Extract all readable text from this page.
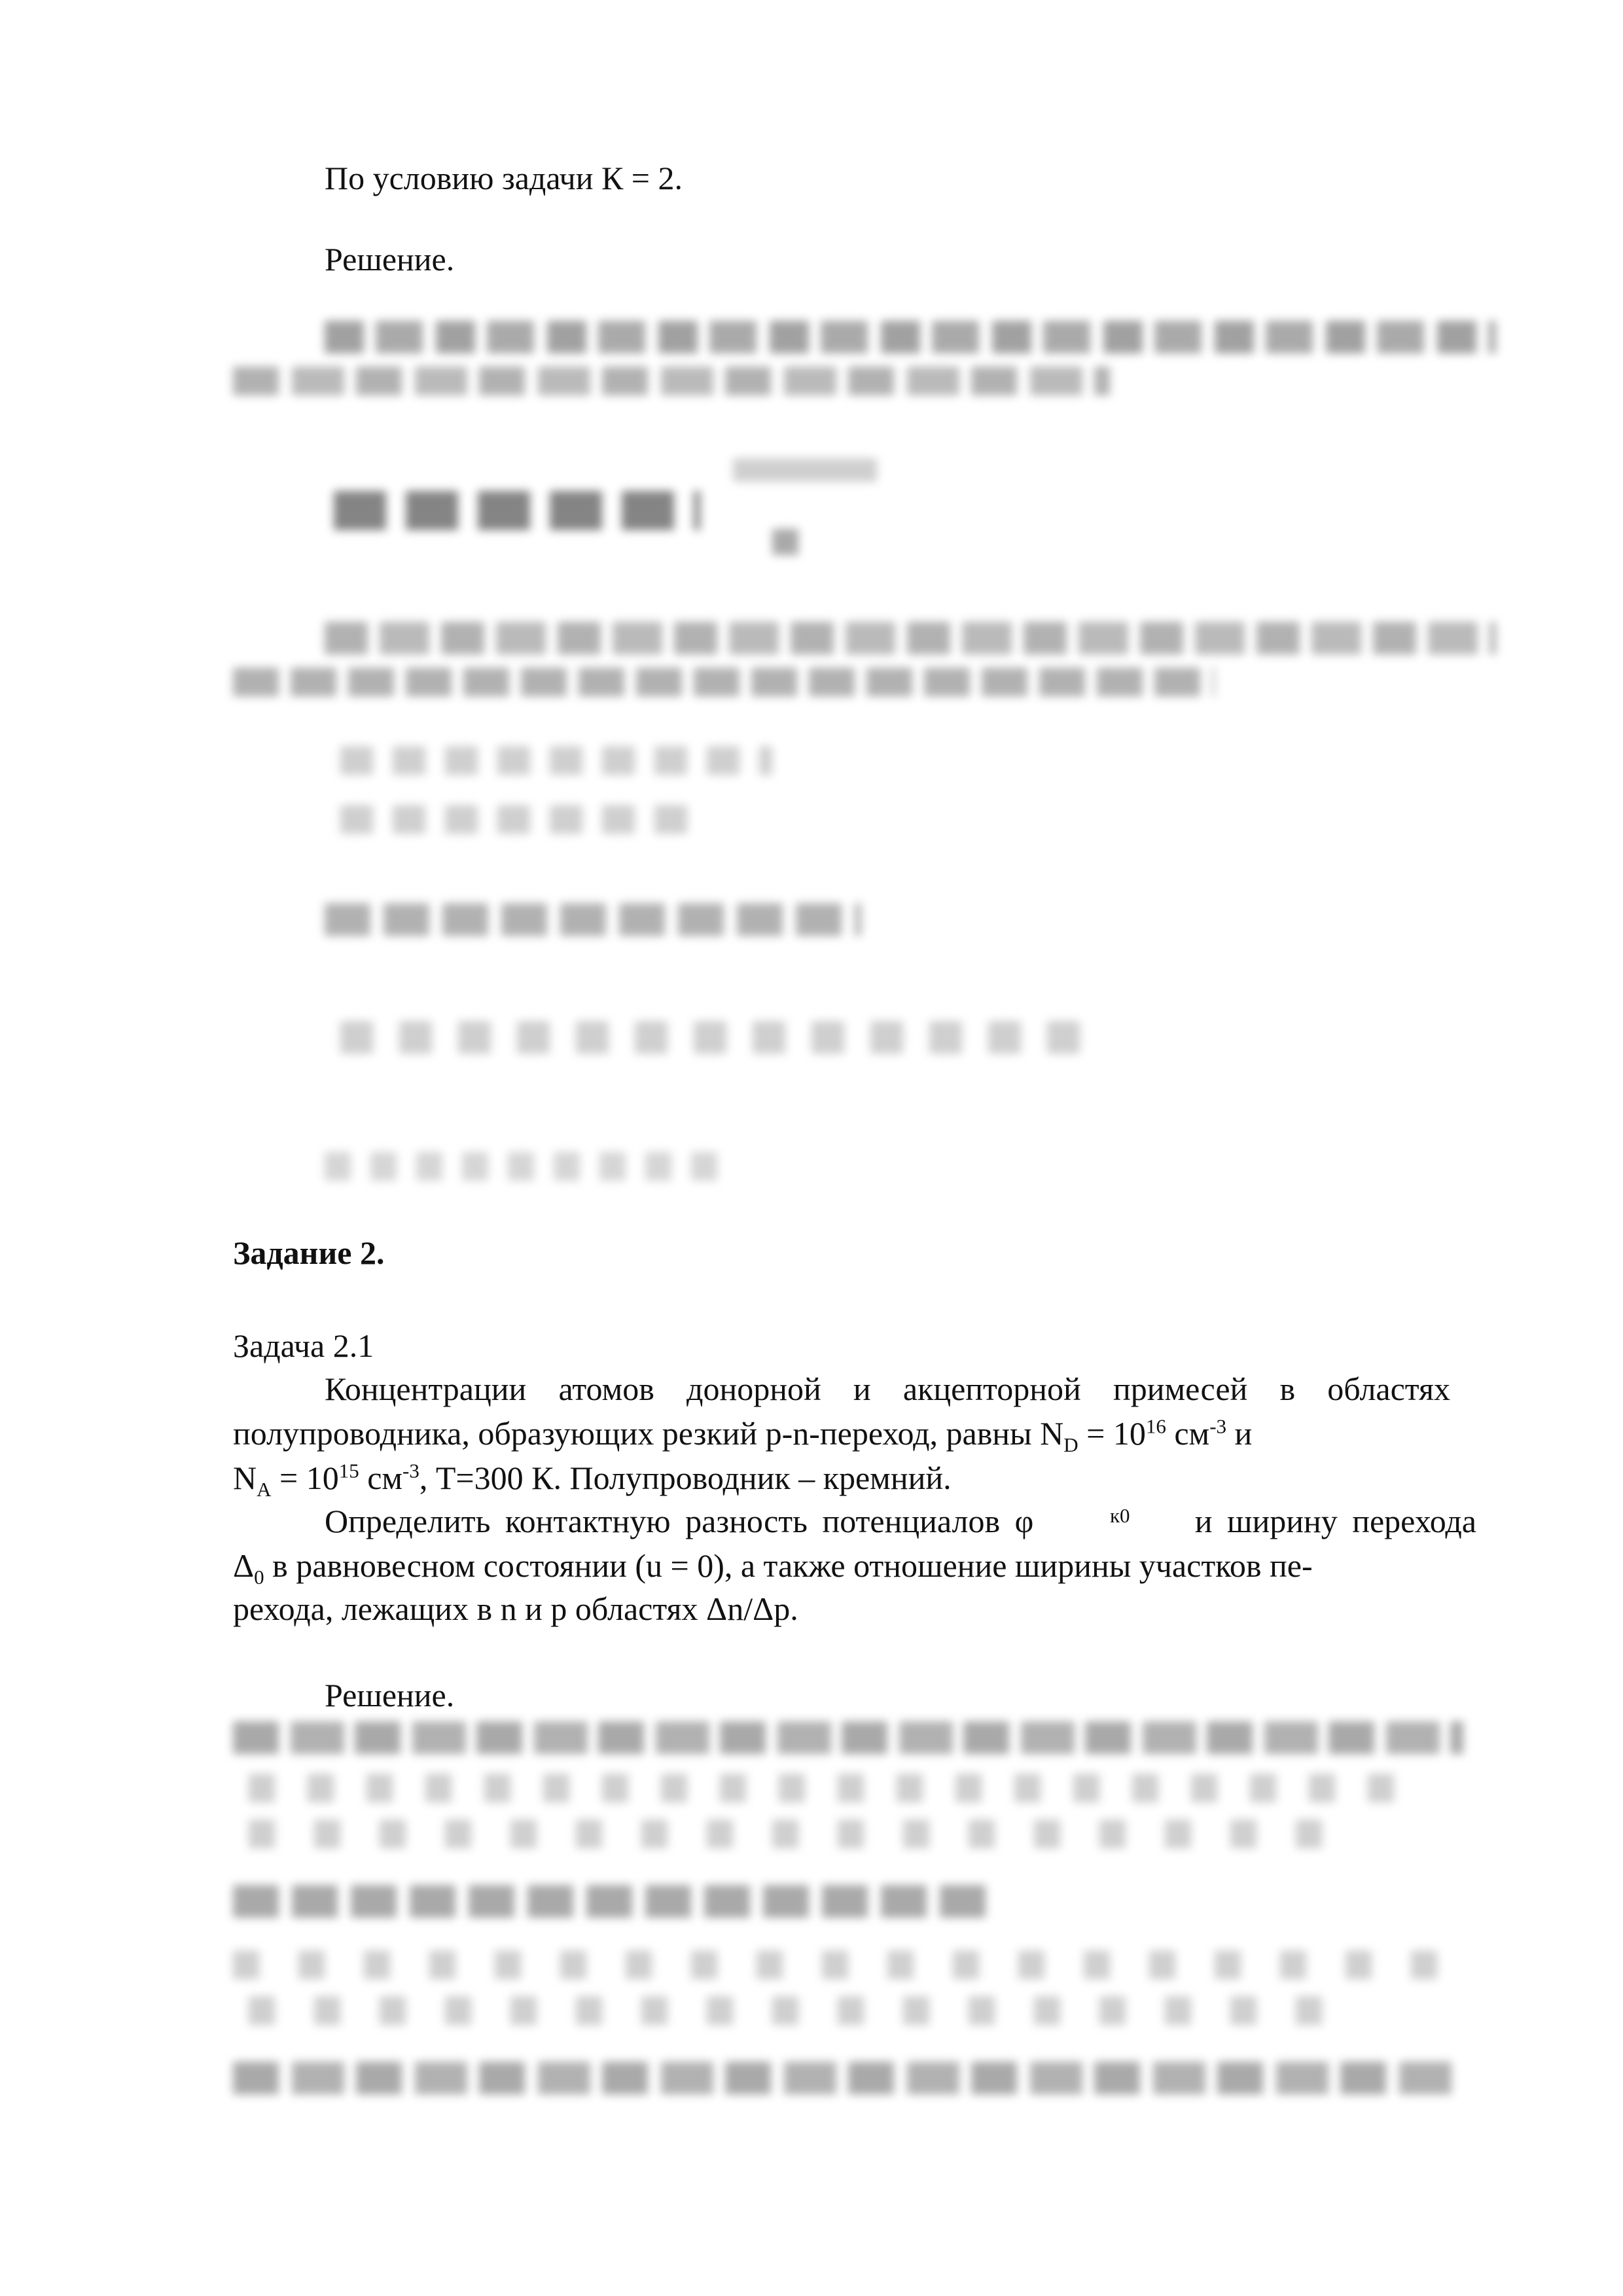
По условию задачи К = 2.
Решение.
Задание 2.
Задача 2.1
Концентрации атомов донорной и акцепторной примесей в областях
полупроводника, образующих резкий p-n-переход, равны $N_D = 10^{16}$ $см^{-3}$ и
$N_A = 10^{15}$ $см^{-3}$, T=300 К. Полупроводник – кремний.
Определить контактную разность потенциалов φ	к0 и ширину перехода
$\Delta_0$ в равновесном состоянии (u = 0), а также отношение ширины участков пе-
рехода, лежащих в n и p областях Δn/Δp.
Решение.
